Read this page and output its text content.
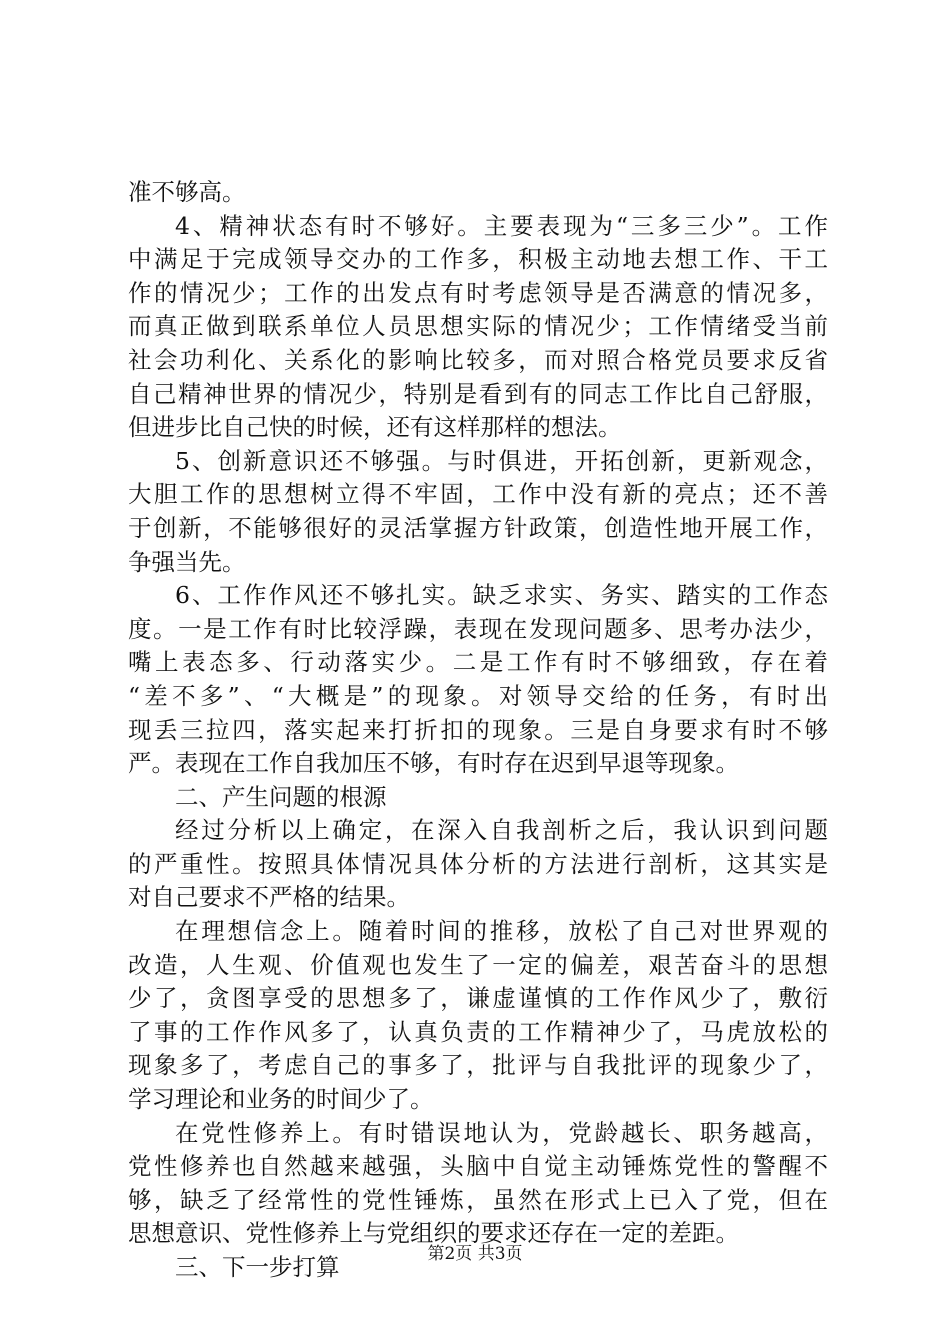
准不够高。
4、精神状态有时不够好。主要表现为“三多三少”。工作
中满足于完成领导交办的工作多，积极主动地去想工作、干工
作的情况少；工作的出发点有时考虑领导是否满意的情况多，
而真正做到联系单位人员思想实际的情况少；工作情绪受当前
社会功利化、关系化的影响比较多，而对照合格党员要求反省
自己精神世界的情况少，特别是看到有的同志工作比自己舒服，
但进步比自己快的时候，还有这样那样的想法。
5、创新意识还不够强。与时俱进，开拓创新，更新观念，
大胆工作的思想树立得不牢固，工作中没有新的亮点；还不善
于创新，不能够很好的灵活掌握方针政策，创造性地开展工作，
争强当先。
6、工作作风还不够扎实。缺乏求实、务实、踏实的工作态
度。一是工作有时比较浮躁，表现在发现问题多、思考办法少，
嘴上表态多、行动落实少。二是工作有时不够细致，存在着
“差不多”、“大概是”的现象。对领导交给的任务，有时出
现丢三拉四，落实起来打折扣的现象。三是自身要求有时不够
严。表现在工作自我加压不够，有时存在迟到早退等现象。
二、产生问题的根源
经过分析以上确定，在深入自我剖析之后，我认识到问题
的严重性。按照具体情况具体分析的方法进行剖析，这其实是
对自己要求不严格的结果。
在理想信念上。随着时间的推移，放松了自己对世界观的
改造，人生观、价值观也发生了一定的偏差，艰苦奋斗的思想
少了，贪图享受的思想多了，谦虚谨慎的工作作风少了，敷衍
了事的工作作风多了，认真负责的工作精神少了，马虎放松的
现象多了，考虑自己的事多了，批评与自我批评的现象少了，
学习理论和业务的时间少了。
在党性修养上。有时错误地认为，党龄越长、职务越高，
党性修养也自然越来越强，头脑中自觉主动锤炼党性的警醒不
够，缺乏了经常性的党性锤炼，虽然在形式上已入了党，但在
思想意识、党性修养上与党组织的要求还存在一定的差距。
三、下一步打算	第2页 共3页
